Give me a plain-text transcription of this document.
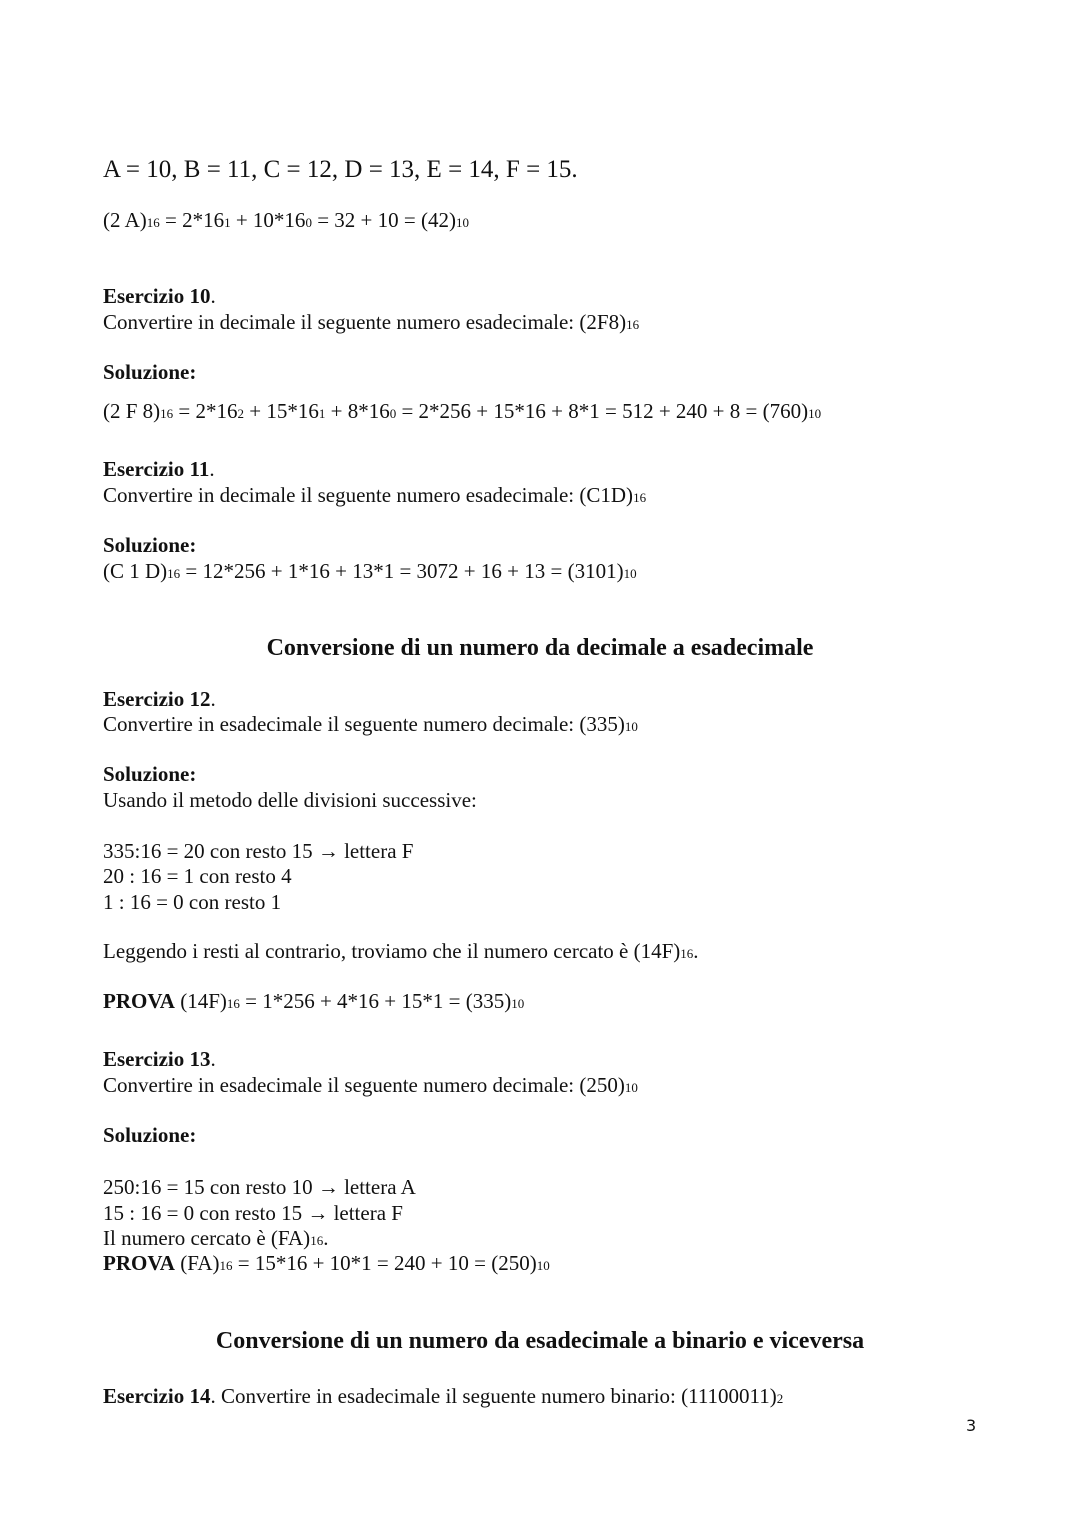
A = 10, B = 11, C = 12, D = 13, E = 14, F = 15.
(2 A)16 = 2*161 + 10*160 = 32 + 10 = (42)10
Esercizio 10.
Convertire in decimale il seguente numero esadecimale: (2F8)16
Soluzione:
(2 F 8)16 = 2*162 + 15*161 + 8*160 = 2*256 + 15*16 + 8*1 = 512 + 240 + 8 = (760)10
Esercizio 11.
Convertire in decimale il seguente numero esadecimale: (C1D)16
Soluzione:
(C 1 D)16 = 12*256 + 1*16 + 13*1 = 3072 + 16 + 13 = (3101)10
Conversione di un numero da decimale a esadecimale
Esercizio 12.
Convertire in esadecimale il seguente numero decimale: (335)10
Soluzione:
Usando il metodo delle divisioni successive:
335:16 = 20 con resto 15 → lettera F
20 : 16 = 1 con resto 4
1 : 16 = 0 con resto 1
Leggendo i resti al contrario, troviamo che il numero cercato è (14F)16.
PROVA (14F)16 = 1*256 + 4*16 + 15*1 = (335)10
Esercizio 13.
Convertire in esadecimale il seguente numero decimale: (250)10
Soluzione:
250:16 = 15 con resto 10 → lettera A
15 : 16 = 0 con resto 15 → lettera F
Il numero cercato è (FA)16.
PROVA (FA)16 = 15*16 + 10*1 = 240 + 10 = (250)10
Conversione di un numero da esadecimale a binario e viceversa
Esercizio 14. Convertire in esadecimale il seguente numero binario: (11100011)2
3
